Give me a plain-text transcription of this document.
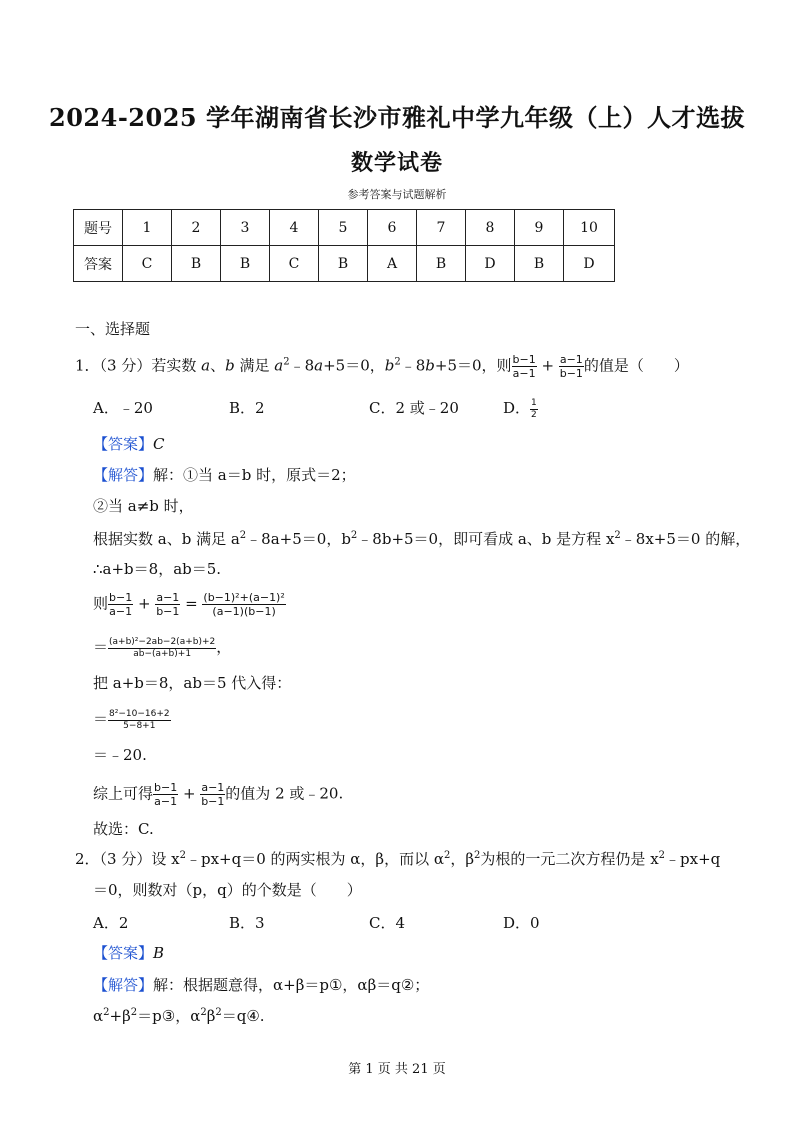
2024-2025 学年湖南省长沙市雅礼中学九年级（上）人才选拔
数学试卷
参考答案与试题解析
题号	1	2	3	4	5	6	7	8	9	10
答案	C	B	B	C	B	A	B	D	B	D
一、选择题
1．（3 分）若实数 a、b 满足 $a^2﹣8a+5=0$，$b^2﹣8b+5=0$，则 $\frac{b-1}{a-1} + \frac{a-1}{b-1}$ 的值是（　　）
A．﹣20	B．2	C．2 或﹣20	D． $\frac{1}{2}$
【答案】C
【解答】解：①当 a＝b 时，原式＝2；
②当 a≠b 时，
根据实数 a、b 满足 $a^2﹣8a+5=0$，$b^2﹣8b+5=0$，即可看成 a、b 是方程 $x^2﹣8x+5=0$ 的解，
∴a+b＝8，ab＝5.
则 $\frac{b-1}{a-1} + \frac{a-1}{b-1} = \frac{\text{(b−1)²+(a−1)²}}{(a-1)(b-1)}$
＝ $\frac{\text{(a+b)²−2ab−2(a+b)+2}}{ab-(a+b)+1}$ ，
把 a+b＝8，ab＝5 代入得：
＝ $\frac{\text{8²−10−16+2}}{5-8+1}$
＝﹣20.
综上可得 $\frac{b-1}{a-1} + \frac{a-1}{b-1}$ 的值为 2 或﹣20.
故选：C.
2．（3 分）设 $x^2﹣px+q=0$ 的两实根为 α，β，而以 $\alpha^2$，$\beta^2$为根的一元二次方程仍是 $x^2﹣px+q$
＝0，则数对（p，q）的个数是（　　）
A．2	B．3	C．4	D．0
【答案】B
【解答】解：根据题意得，α+β＝p①，αβ＝q②；
$\alpha^2+\beta^2=p③$，$\alpha^2\beta^2=q④$.
第 1 页 共 21 页
